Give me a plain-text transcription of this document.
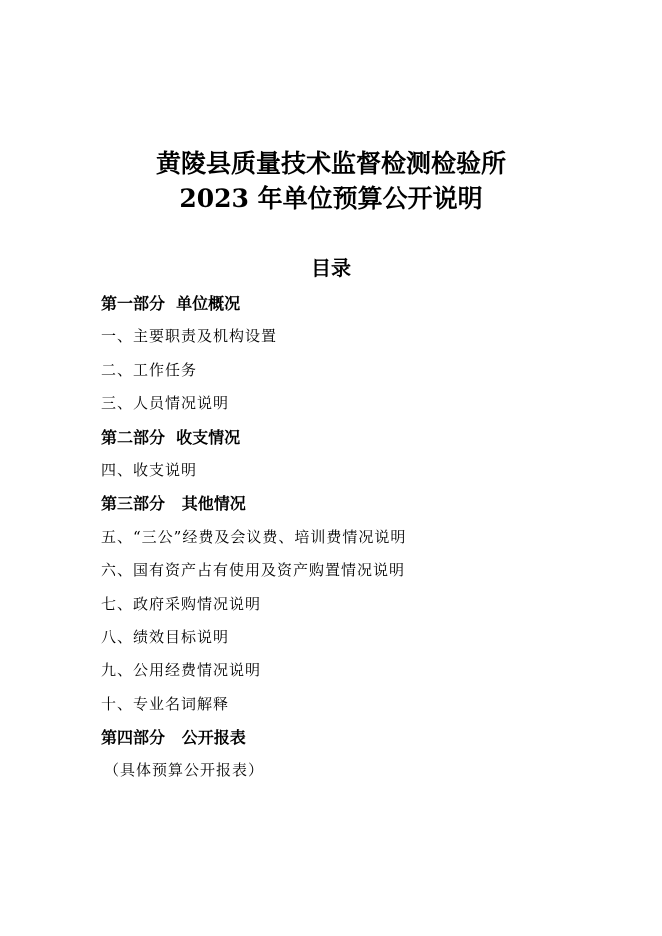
黄陵县质量技术监督检测检验所
2023 年单位预算公开说明
目录
第一部分  单位概况
一、主要职责及机构设置
二、工作任务
三、人员情况说明
第二部分  收支情况
四、收支说明
第三部分   其他情况
五、“三公”经费及会议费、培训费情况说明
六、国有资产占有使用及资产购置情况说明
七、政府采购情况说明
八、绩效目标说明
九、公用经费情况说明
十、专业名词解释
第四部分   公开报表
（具体预算公开报表）
